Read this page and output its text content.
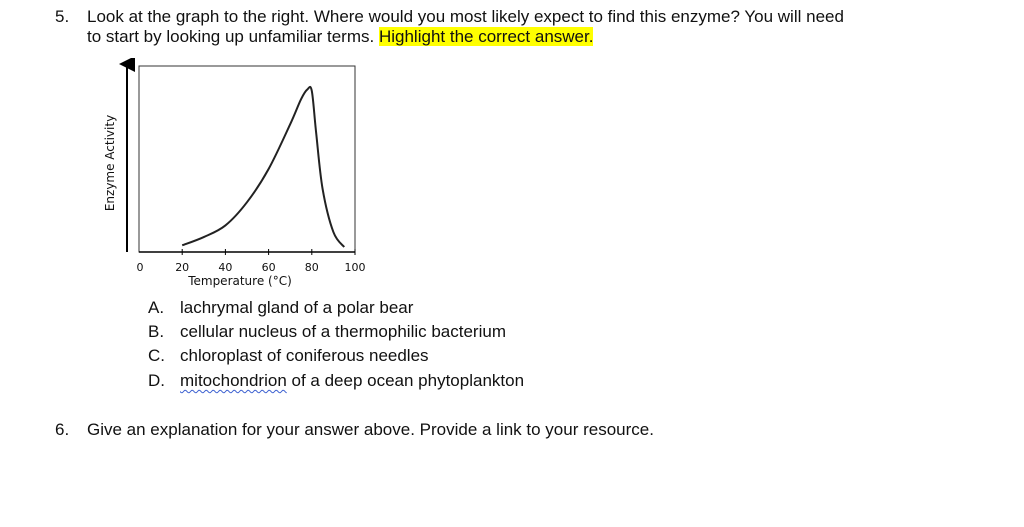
5. Look at the graph to the right. Where would you most likely expect to find this enzyme? You will need
to start by looking up unfamiliar terms. Highlight the correct answer.
0	20	40	60	80 100
Temperature (°C)
Enzyme Activity
A. lachrymal gland of a polar bear
B. cellular nucleus of a thermophilic bacterium
C. chloroplast of coniferous needles
D. mitochondrion of a deep ocean phytoplankton
6. Give an explanation for your answer above. Provide a link to your resource.
